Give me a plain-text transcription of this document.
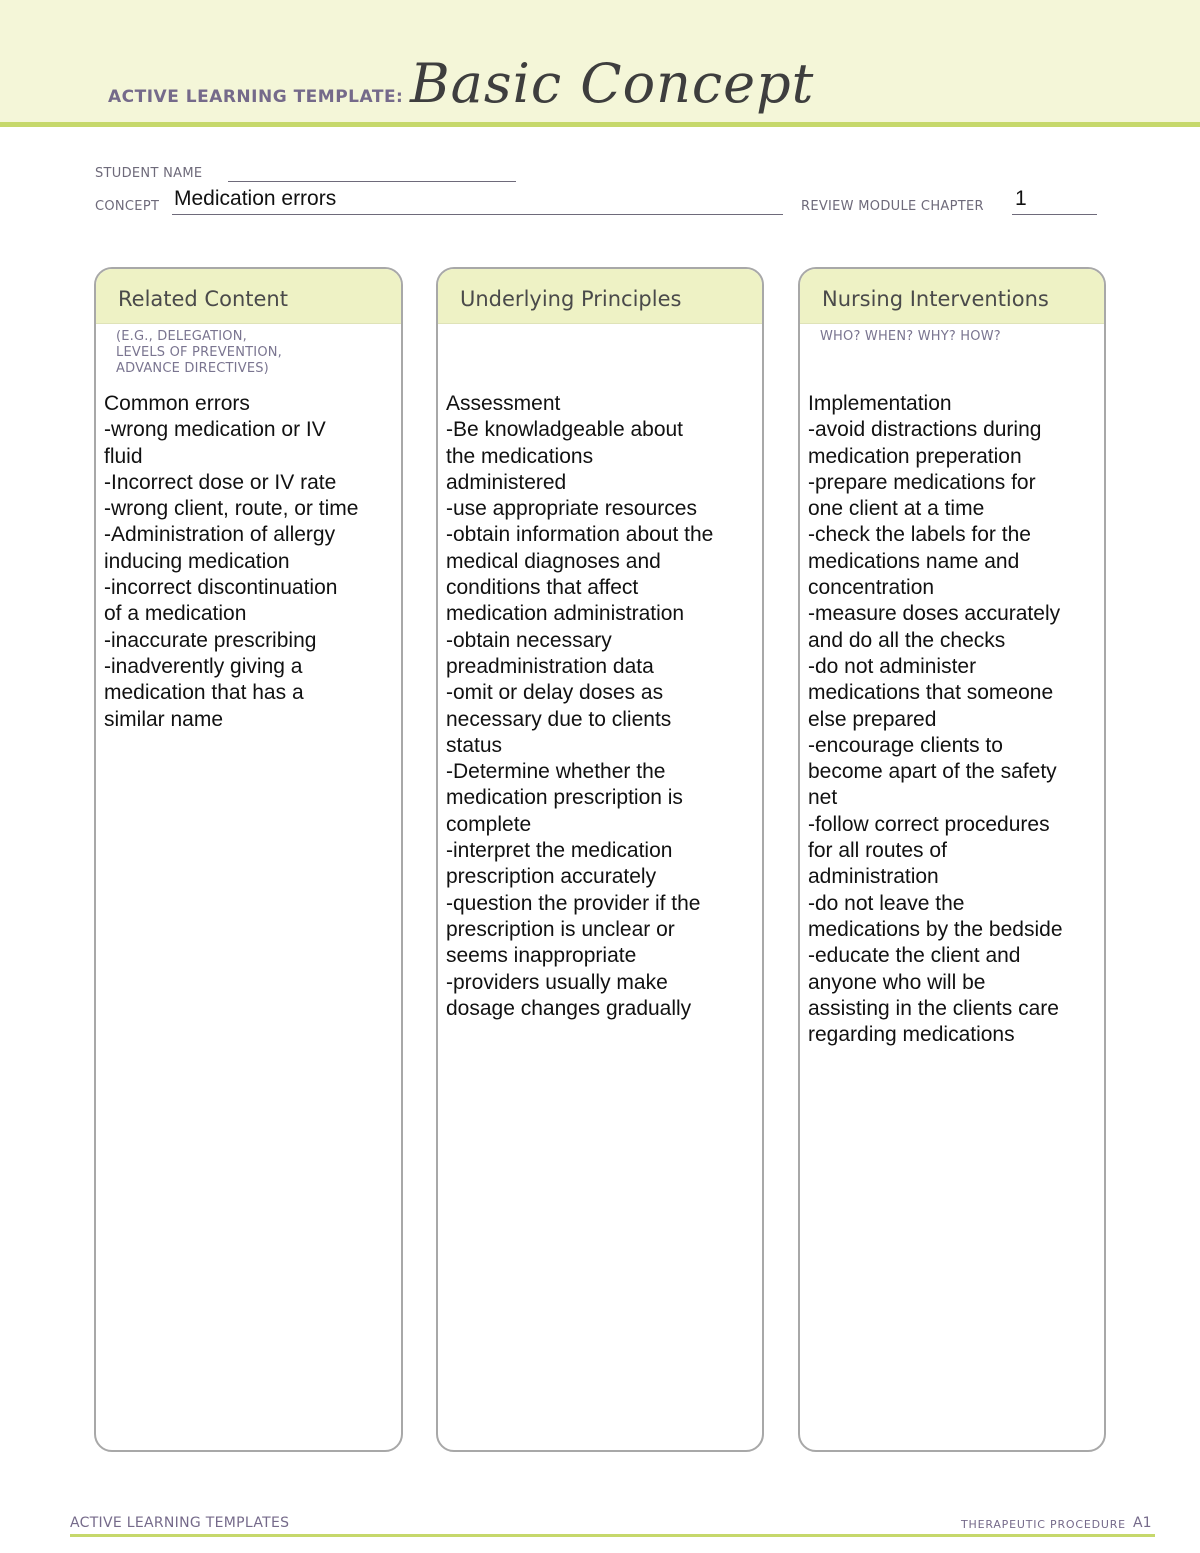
ACTIVE LEARNING TEMPLATE: Basic Concept
STUDENT NAME
CONCEPT Medication errors	REVIEW MODULE CHAPTER 1
Related Content
(E.G., DELEGATION,
LEVELS OF PREVENTION,
ADVANCE DIRECTIVES)
Common errors
-wrong medication or IV
fluid
-Incorrect dose or IV rate
-wrong client, route, or time
-Administration of allergy
inducing medication
-incorrect discontinuation
of a medication
-inaccurate prescribing
-inadverently giving a
medication that has a
similar name
Underlying Principles
Assessment
-Be knowladgeable about
the medications
administered
-use appropriate resources
-obtain information about the
medical diagnoses and
conditions that affect
medication administration
-obtain necessary
preadministration data
-omit or delay doses as
necessary due to clients
status
-Determine whether the
medication prescription is
complete
-interpret the medication
prescription accurately
-question the provider if the
prescription is unclear or
seems inappropriate
-providers usually make
dosage changes gradually
Nursing Interventions
WHO? WHEN? WHY? HOW?
Implementation
-avoid distractions during
medication preperation
-prepare medications for
one client at a time
-check the labels for the
medications name and
concentration
-measure doses accurately
and do all the checks
-do not administer
medications that someone
else prepared
-encourage clients to
become apart of the safety
net
-follow correct procedures
for all routes of
administration
-do not leave the
medications by the bedside
-educate the client and
anyone who will be
assisting in the clients care
regarding medications
ACTIVE LEARNING TEMPLATES	THERAPEUTIC PROCEDURE A1
